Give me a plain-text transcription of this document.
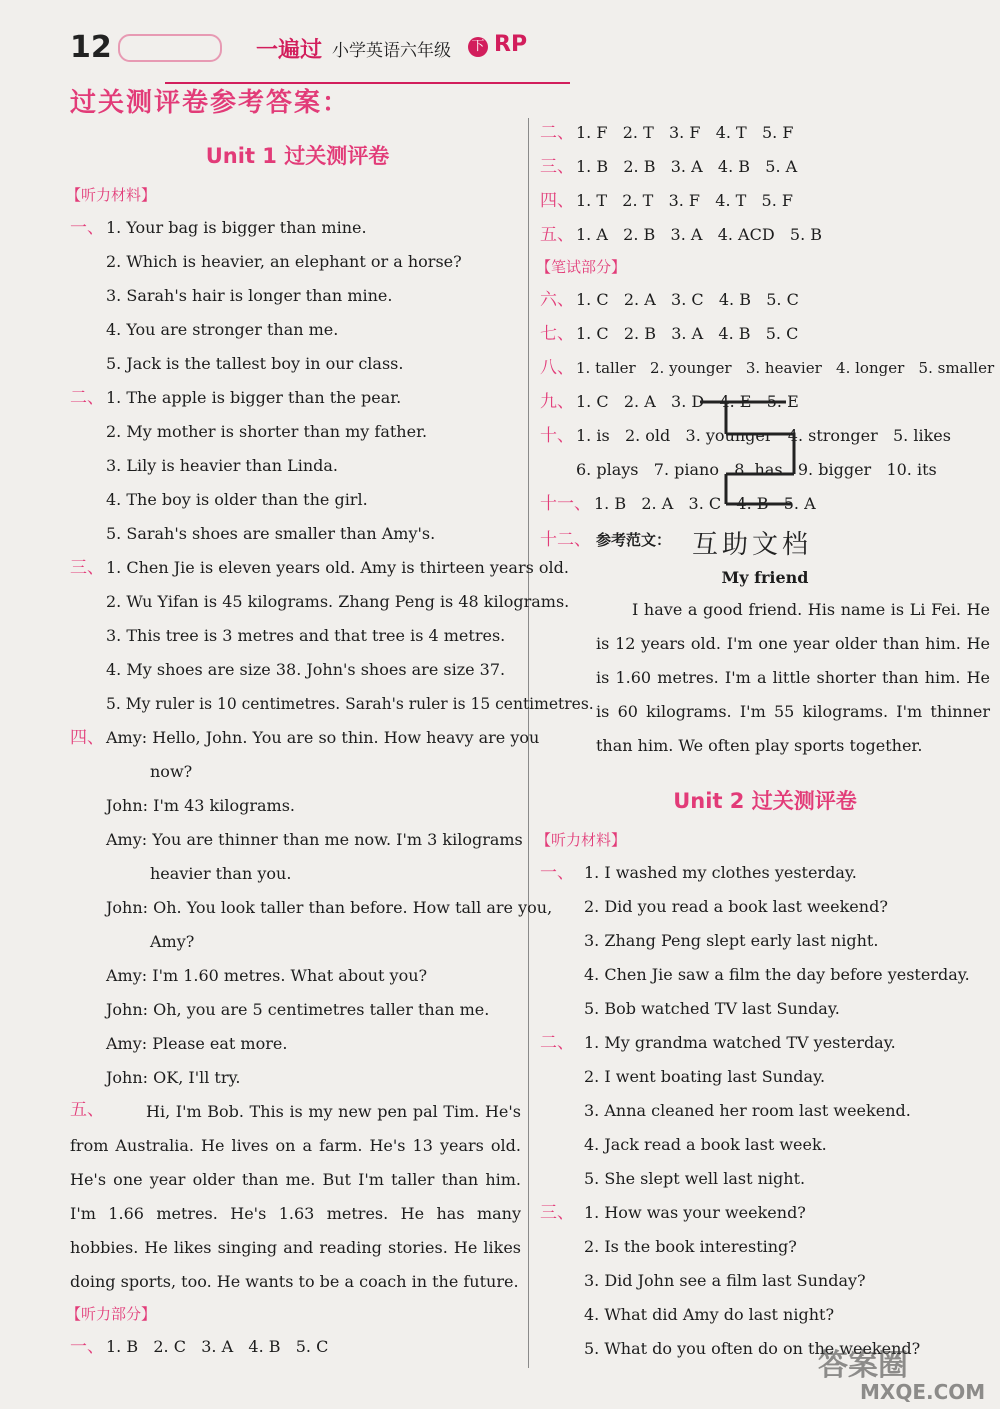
12	一遍过 小学英语六年级 下 RP
过关测评卷参考答案：
Unit 1 过关测评卷
【听力材料】
一、 1. Your bag is bigger than mine.
2. Which is heavier, an elephant or a horse?
3. Sarah's hair is longer than mine.
4. You are stronger than me.
5. Jack is the tallest boy in our class.
二、 1. The apple is bigger than the pear.
2. My mother is shorter than my father.
3. Lily is heavier than Linda.
4. The boy is older than the girl.
5. Sarah's shoes are smaller than Amy's.
三、 1. Chen Jie is eleven years old. Amy is thirteen years old.
2. Wu Yifan is 45 kilograms. Zhang Peng is 48 kilograms.
3. This tree is 3 metres and that tree is 4 metres.
4. My shoes are size 38. John's shoes are size 37.
5. My ruler is 10 centimetres. Sarah's ruler is 15 centimetres.
四、 Amy: Hello, John. You are so thin. How heavy are you
now?
John: I'm 43 kilograms.
Amy: You are thinner than me now. I'm 3 kilograms
heavier than you.
John: Oh. You look taller than before. How tall are you,
Amy?
Amy: I'm 1.60 metres. What about you?
John: Oh, you are 5 centimetres taller than me.
Amy: Please eat more.
John: OK, I'll try.
五、	Hi, I'm Bob. This is my new pen pal Tim. He's from Australia. He lives on a farm. He's 13 years old. He's one year older than me. But I'm taller than him. I'm 1.66 metres. He's 1.63 metres. He has many hobbies. He likes singing and reading stories. He likes doing sports, too. He wants to be a coach in the future.
【听力部分】
一、 1. B   2. C   3. A   4. B   5. C
二、 1. F   2. T   3. F   4. T   5. F
三、 1. B   2. B   3. A   4. B   5. A
四、 1. T   2. T   3. F   4. T   5. F
五、 1. A   2. B   3. A   4. ACD   5. B
【笔试部分】
六、 1. C   2. A   3. C   4. B   5. C
七、 1. C   2. B   3. A   4. B   5. C
八、 1. taller   2. younger   3. heavier   4. longer   5. smaller
九、 1. C   2. A   3. D   4. E   5. E
十、 1. is   2. old   3. younger   4. stronger   5. likes
6. plays   7. piano   8. has   9. bigger   10. its
十一、 1. B   2. A   3. C   4. B   5. A
十二、 参考范文：
My friend
I have a good friend. His name is Li Fei. He is 12 years old. I'm one year older than him. He is 1.60 metres. I'm a little shorter than him. He is 60 kilograms. I'm 55 kilograms. I'm thinner than him. We often play sports together.
Unit 2 过关测评卷
【听力材料】
一、 1. I washed my clothes yesterday.
2. Did you read a book last weekend?
3. Zhang Peng slept early last night.
4. Chen Jie saw a film the day before yesterday.
5. Bob watched TV last Sunday.
二、 1. My grandma watched TV yesterday.
2. I went boating last Sunday.
3. Anna cleaned her room last weekend.
4. Jack read a book last week.
5. She slept well last night.
三、 1. How was your weekend?
2. Is the book interesting?
3. Did John see a film last Sunday?
4. What did Amy do last night?
5. What do you often do on the weekend?
互助文档
答案圈
MXQE.COM
